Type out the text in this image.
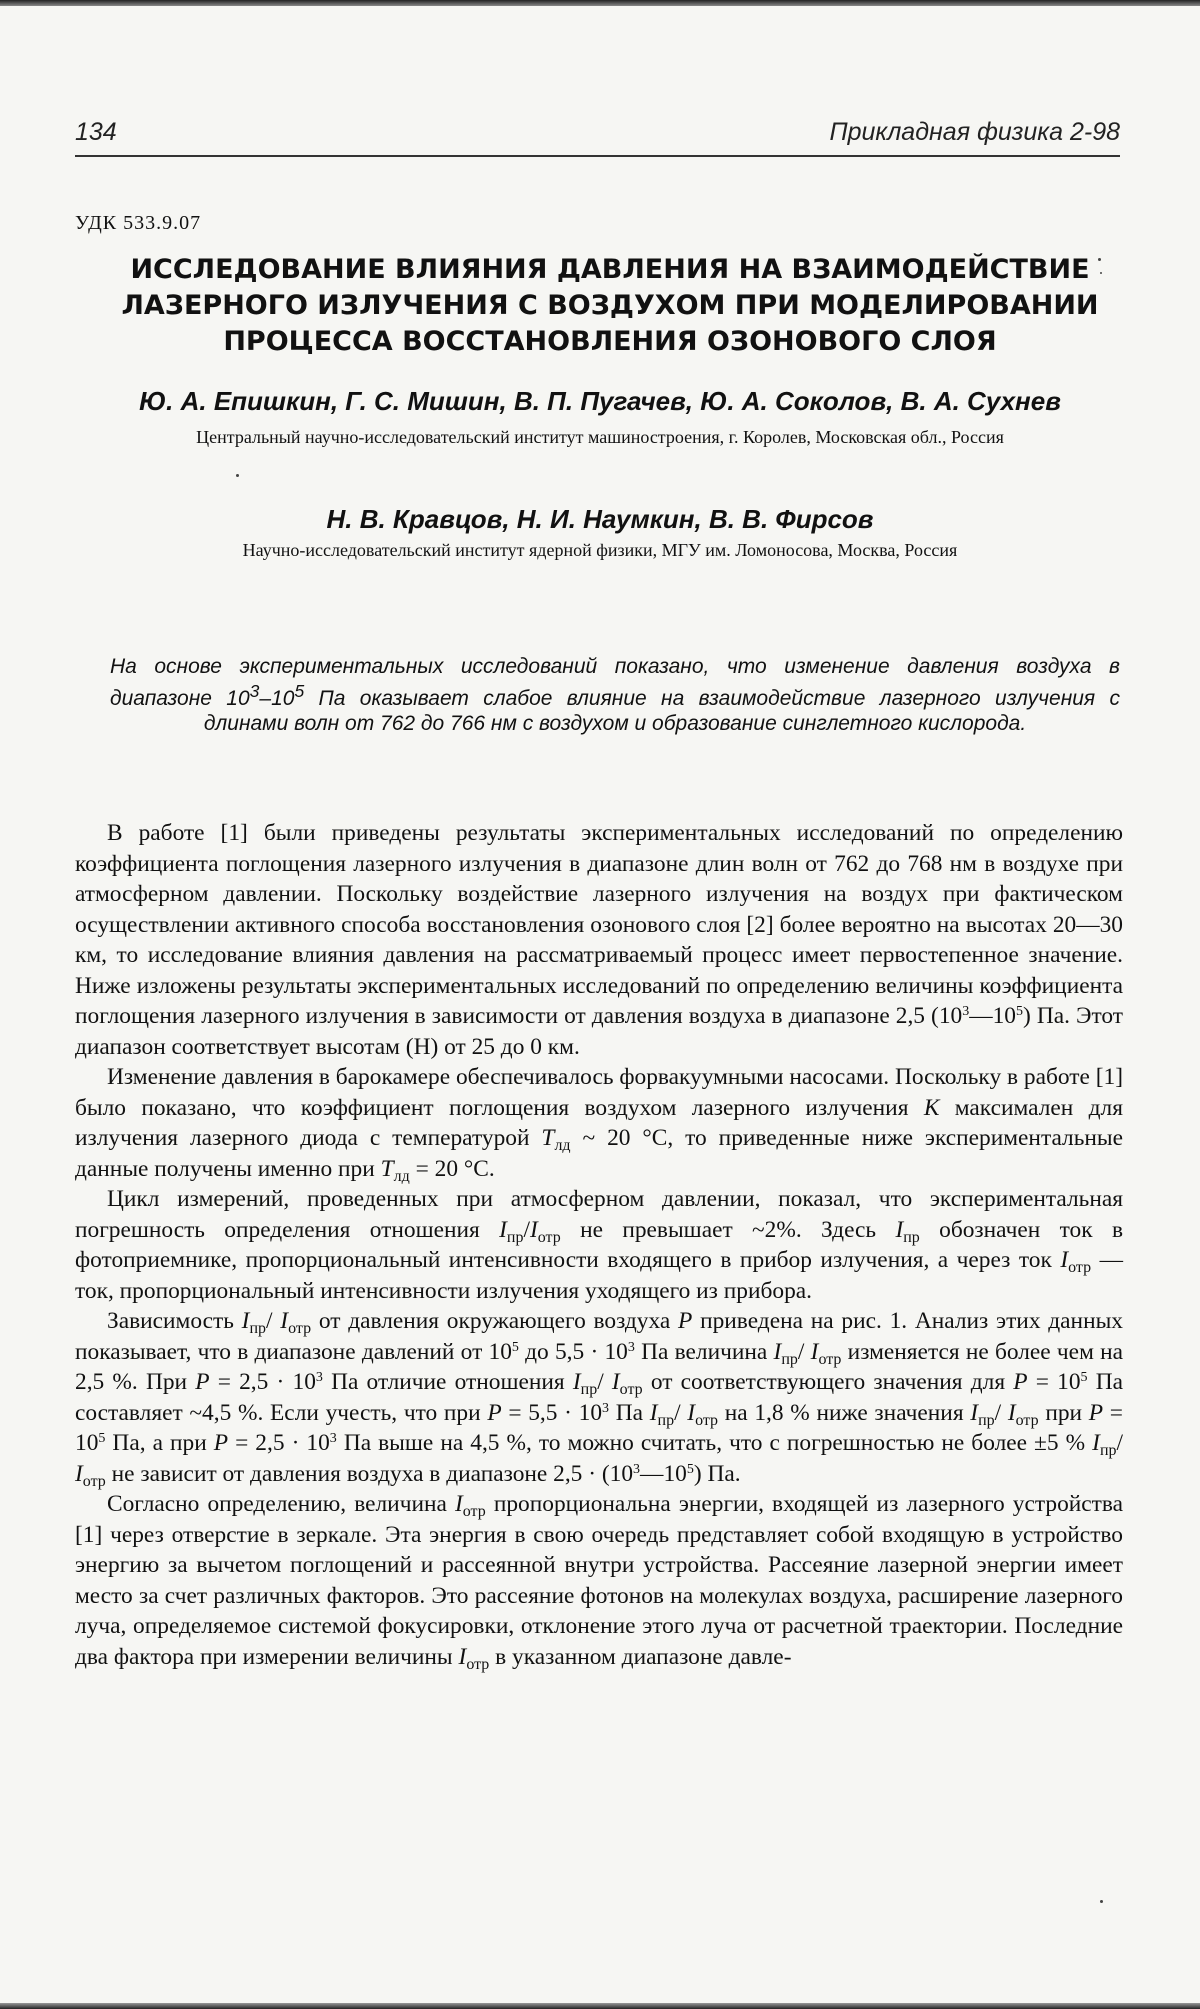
134	Прикладная физика 2-98
УДК 533.9.07
ИССЛЕДОВАНИЕ ВЛИЯНИЯ ДАВЛЕНИЯ НА ВЗАИМОДЕЙСТВИЕ ЛАЗЕРНОГО ИЗЛУЧЕНИЯ С ВОЗДУХОМ ПРИ МОДЕЛИРОВАНИИ ПРОЦЕССА ВОССТАНОВЛЕНИЯ ОЗОНОВОГО СЛОЯ
Ю. А. Епишкин, Г. С. Мишин, В. П. Пугачев, Ю. А. Соколов, В. А. Сухнев
Центральный научно-исследовательский институт машиностроения, г. Королев, Московская обл., Россия
Н. В. Кравцов, Н. И. Наумкин, В. В. Фирсов
Научно-исследовательский институт ядерной физики, МГУ им. Ломоносова, Москва, Россия
На основе экспериментальных исследований показано, что изменение давления воздуха в диапазоне $10^3-10^5$ Па оказывает слабое влияние на взаимодействие лазерного излучения с длинами волн от 762 до 766 нм с воздухом и образование синглетного кислорода.

В работе [1] были приведены результаты экспериментальных исследований по определению коэффициента поглощения лазерного излучения в диапазоне длин волн от 762 до 768 нм в воздухе при атмосферном давлении. Поскольку воздействие лазерного излучения на воздух при фактическом осуществлении активного способа восстановления озонового слоя [2] более вероятно на высотах 20—30 км, то исследование влияния давления на рассматриваемый процесс имеет первостепенное значение. Ниже изложены результаты экспериментальных исследований по определению величины коэффициента поглощения лазерного излучения в зависимости от давления воздуха в диапазоне 2,5 $(10^3—10^5)$ Па. Этот диапазон соответствует высотам (H) от 25 до 0 км.

Изменение давления в барокамере обеспечивалось форвакуумными насосами. Поскольку в работе [1] было показано, что коэффициент поглощения воздухом лазерного излучения K максимален для излучения лазерного диода с температурой $T_{лд}$ ~ 20 °С, то приведенные ниже экспериментальные данные получены именно при $T_{лд} = 20$ °С.

Цикл измерений, проведенных при атмосферном давлении, показал, что экспериментальная погрешность определения отношения $I_{пр}/I_{отр}$ не превышает ~2%. Здесь $I_{пр}$ обозначен ток в фотоприемнике, пропорциональный интенсивности входящего в прибор излучения, а через ток $I_{отр}$ — ток, пропорциональный интенсивности излучения уходящего из прибора.

Зависимость $I_{пр}/$ $I_{отр}$ от давления окружающего воздуха P приведена на рис. 1. Анализ этих данных показывает, что в диапазоне давлений от $10^5$ до $5,5 \cdot 10^3$ Па величина $I_{пр}/$ $I_{отр}$ изменяется не более чем на 2,5 %. При $P = 2,5 \cdot 10^3$ Па отличие отношения $I_{пр}/$ $I_{отр}$ от соответствующего значения для $P = 10^5$ Па составляет ~4,5 %. Если учесть, что при $P = 5,5 \cdot 10^3$ Па $I_{пр}/$ $I_{отр}$ на 1,8 % ниже значения $I_{пр}/$ $I_{отр}$ при $P = 10^5$ Па, а при $P = 2,5 \cdot 10^3$ Па выше на 4,5 %, то можно считать, что с погрешностью не более ±5 % $I_{пр}/$ $I_{отр}$ не зависит от давления воздуха в диапазоне $2,5 \cdot (10^3—10^5)$ Па.

Согласно определению, величина $I_{отр}$ пропорциональна энергии, входящей из лазерного устройства [1] через отверстие в зеркале. Эта энергия в свою очередь представляет собой входящую в устройство энергию за вычетом поглощений и рассеянной внутри устройства. Рассеяние лазерной энергии имеет место за счет различных факторов. Это рассеяние фотонов на молекулах воздуха, расширение лазерного луча, определяемое системой фокусировки, отклонение этого луча от расчетной траектории. Последние два фактора при измерении величины $I_{отр}$ в указанном диапазоне давле-
